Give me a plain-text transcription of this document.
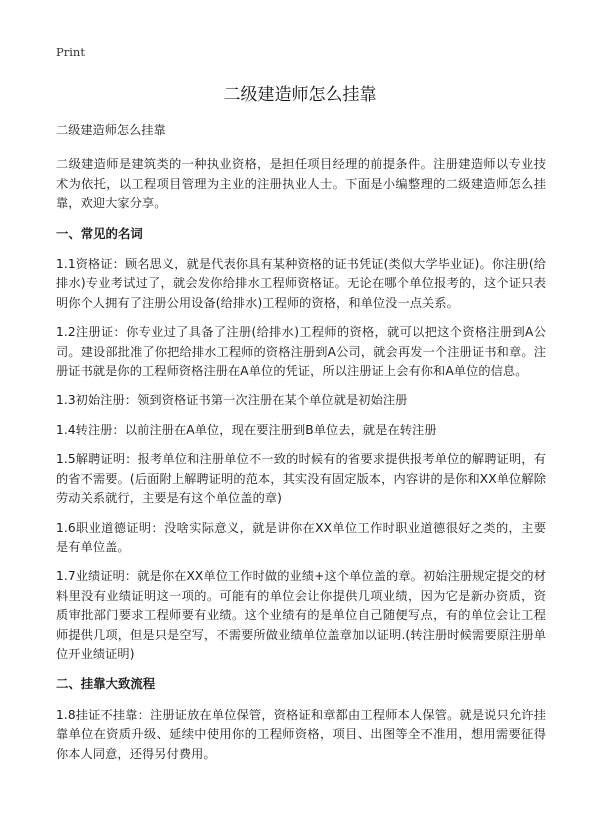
Print
二级建造师怎么挂靠

二级建造师怎么挂靠

二级建造师是建筑类的一种执业资格，是担任项目经理的前提条件。注册建造师以专业技术为依托，以工程项目管理为主业的注册执业人士。下面是小编整理的二级建造师怎么挂靠，欢迎大家分享。

一、常见的名词

1.1资格证：顾名思义，就是代表你具有某种资格的证书凭证(类似大学毕业证)。你注册(给排水)专业考试过了，就会发你给排水工程师资格证。无论在哪个单位报考的，这个证只表明你个人拥有了注册公用设备(给排水)工程师的资格，和单位没一点关系。

1.2注册证：你专业过了具备了注册(给排水)工程师的资格，就可以把这个资格注册到A公司。建设部批准了你把给排水工程师的资格注册到A公司，就会再发一个注册证书和章。注册证书就是你的工程师资格注册在A单位的凭证，所以注册证上会有你和A单位的信息。

1.3初始注册：领到资格证书第一次注册在某个单位就是初始注册

1.4转注册：以前注册在A单位，现在要注册到B单位去，就是在转注册

1.5解聘证明：报考单位和注册单位不一致的时候有的省要求提供报考单位的解聘证明，有的省不需要。(后面附上解聘证明的范本，其实没有固定版本，内容讲的是你和XX单位解除劳动关系就行，主要是有这个单位盖的章)

1.6职业道德证明：没啥实际意义，就是讲你在XX单位工作时职业道德很好之类的，主要是有单位盖。

1.7业绩证明：就是你在XX单位工作时做的业绩+这个单位盖的章。初始注册规定提交的材料里没有业绩证明这一项的。可能有的单位会让你提供几项业绩，因为它是新办资质，资质审批部门要求工程师要有业绩。这个业绩有的是单位自己随便写点，有的单位会让工程师提供几项，但是只是空写，不需要所做业绩单位盖章加以证明.(转注册时候需要原注册单位开业绩证明)

二、挂靠大致流程

1.8挂证不挂靠：注册证放在单位保管，资格证和章都由工程师本人保管。就是说只允许挂靠单位在资质升级、延续中使用你的工程师资格，项目、出图等全不准用，想用需要征得你本人同意，还得另付费用。
